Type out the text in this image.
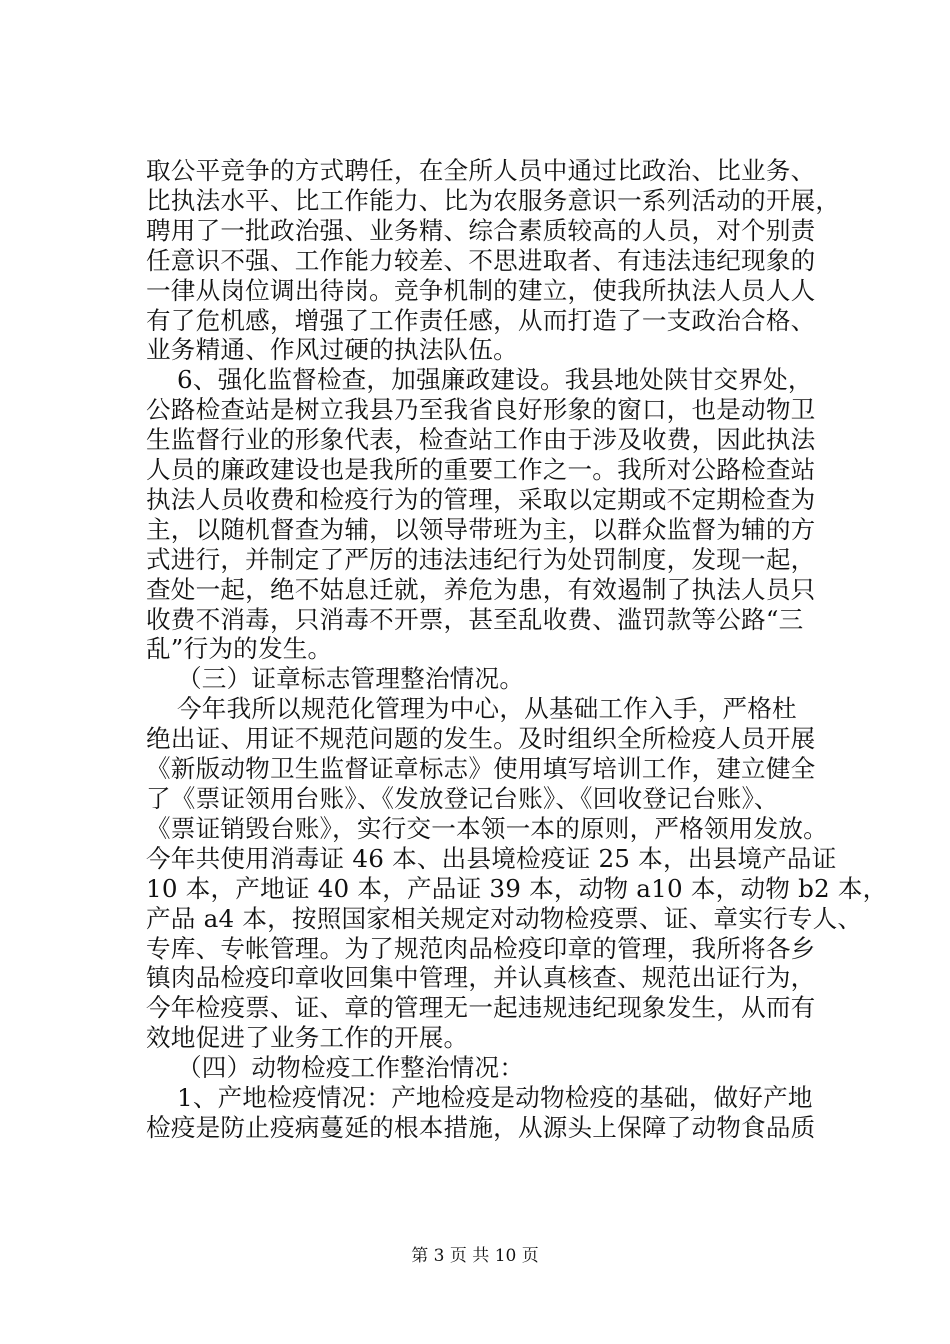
取公平竞争的方式聘任，在全所人员中通过比政治、比业务、
比执法水平、比工作能力、比为农服务意识一系列活动的开展，
聘用了一批政治强、业务精、综合素质较高的人员，对个别责
任意识不强、工作能力较差、不思进取者、有违法违纪现象的
一律从岗位调出待岗。竞争机制的建立，使我所执法人员人人
有了危机感，增强了工作责任感，从而打造了一支政治合格、
业务精通、作风过硬的执法队伍。
6、强化监督检查，加强廉政建设。我县地处陕甘交界处，
公路检查站是树立我县乃至我省良好形象的窗口，也是动物卫
生监督行业的形象代表，检查站工作由于涉及收费，因此执法
人员的廉政建设也是我所的重要工作之一。我所对公路检查站
执法人员收费和检疫行为的管理，采取以定期或不定期检查为
主，以随机督查为辅，以领导带班为主，以群众监督为辅的方
式进行，并制定了严厉的违法违纪行为处罚制度，发现一起，
查处一起，绝不姑息迁就，养危为患，有效遏制了执法人员只
收费不消毒，只消毒不开票，甚至乱收费、滥罚款等公路“三
乱”行为的发生。
（三）证章标志管理整治情况。
今年我所以规范化管理为中心，从基础工作入手，严格杜
绝出证、用证不规范问题的发生。及时组织全所检疫人员开展
《新版动物卫生监督证章标志》使用填写培训工作，建立健全
了《票证领用台账》、《发放登记台账》、《回收登记台账》、
《票证销毁台账》，实行交一本领一本的原则，严格领用发放。
今年共使用消毒证 46 本、出县境检疫证 25 本，出县境产品证
10 本，产地证 40 本，产品证 39 本，动物 a10 本，动物 b2 本，
产品 a4 本，按照国家相关规定对动物检疫票、证、章实行专人、
专库、专帐管理。为了规范肉品检疫印章的管理，我所将各乡
镇肉品检疫印章收回集中管理，并认真核查、规范出证行为，
今年检疫票、证、章的管理无一起违规违纪现象发生，从而有
效地促进了业务工作的开展。
（四）动物检疫工作整治情况：
1、产地检疫情况：产地检疫是动物检疫的基础，做好产地
检疫是防止疫病蔓延的根本措施，从源头上保障了动物食品质
第 3 页 共 10 页
